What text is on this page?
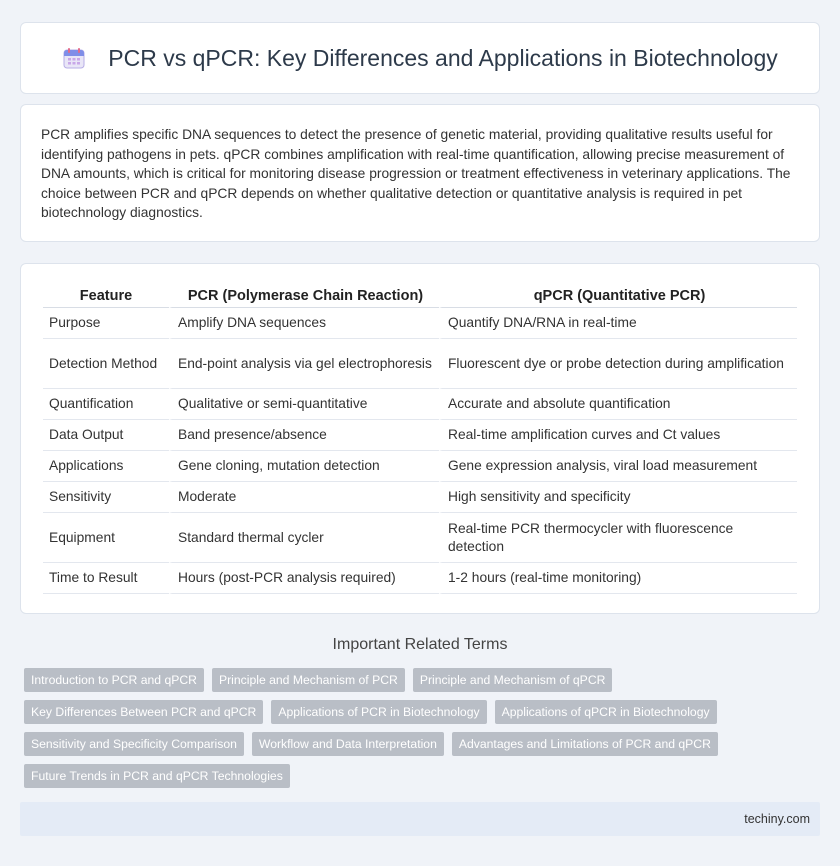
PCR vs qPCR: Key Differences and Applications in Biotechnology

PCR amplifies specific DNA sequences to detect the presence of genetic material, providing qualitative results useful for identifying pathogens in pets. qPCR combines amplification with real-time quantification, allowing precise measurement of DNA amounts, which is critical for monitoring disease progression or treatment effectiveness in veterinary applications. The choice between PCR and qPCR depends on whether qualitative detection or quantitative analysis is required in pet biotechnology diagnostics.

Feature	PCR (Polymerase Chain Reaction)	qPCR (Quantitative PCR)
Purpose	Amplify DNA sequences	Quantify DNA/RNA in real-time
Detection Method	End-point analysis via gel electrophoresis	Fluorescent dye or probe detection during amplification
Quantification	Qualitative or semi-quantitative	Accurate and absolute quantification
Data Output	Band presence/absence	Real-time amplification curves and Ct values
Applications	Gene cloning, mutation detection	Gene expression analysis, viral load measurement
Sensitivity	Moderate	High sensitivity and specificity
Equipment	Standard thermal cycler	Real-time PCR thermocycler with fluorescence detection
Time to Result	Hours (post-PCR analysis required)	1-2 hours (real-time monitoring)
Important Related Terms
Introduction to PCR and qPCR	Principle and Mechanism of PCR	Principle and Mechanism of qPCR
Key Differences Between PCR and qPCR	Applications of PCR in Biotechnology	Applications of qPCR in Biotechnology
Sensitivity and Specificity Comparison	Workflow and Data Interpretation	Advantages and Limitations of PCR and qPCR
Future Trends in PCR and qPCR Technologies
techiny.com
